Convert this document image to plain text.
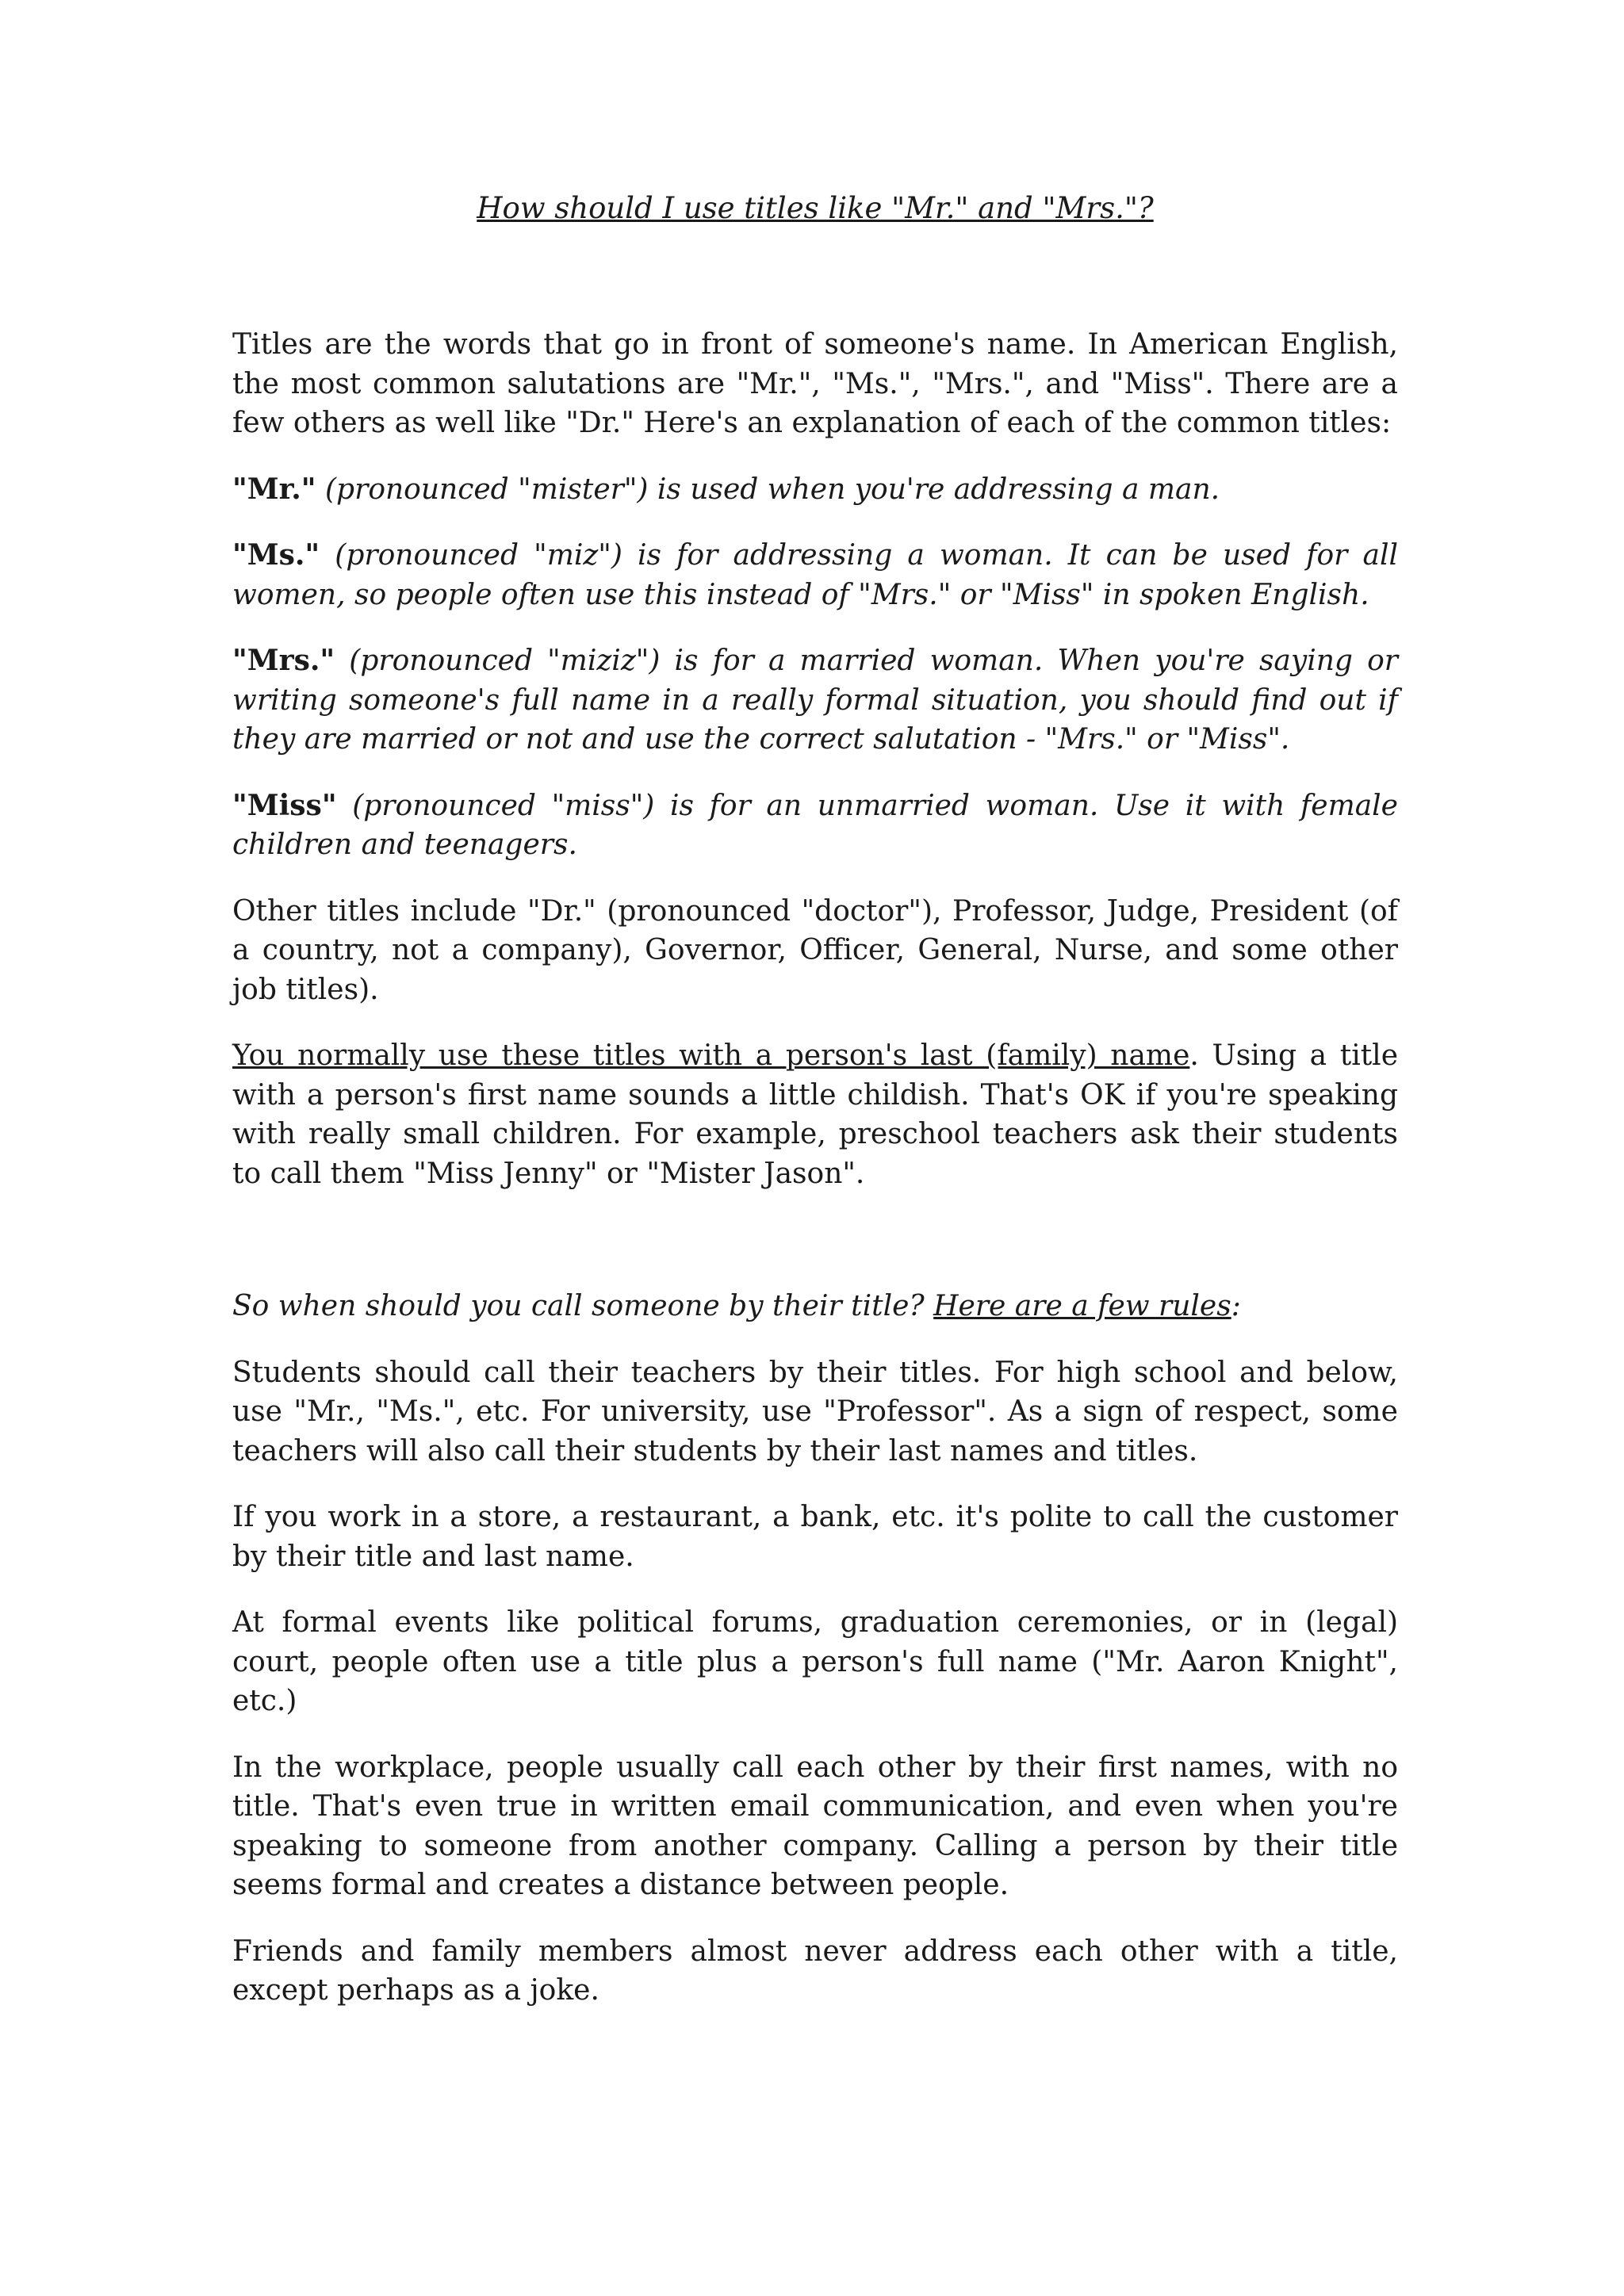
How should I use titles like "Mr." and "Mrs."?

Titles are the words that go in front of someone's name. In American English, the most common salutations are "Mr.", "Ms.", "Mrs.", and "Miss". There are a few others as well like "Dr." Here's an explanation of each of the common titles:

"Mr." (pronounced "mister") is used when you're addressing a man.

"Ms." (pronounced "miz") is for addressing a woman. It can be used for all women, so people often use this instead of "Mrs." or "Miss" in spoken English.

"Mrs." (pronounced "miziz") is for a married woman. When you're saying or writing someone's full name in a really formal situation, you should find out if they are married or not and use the correct salutation - "Mrs." or "Miss".

"Miss" (pronounced "miss") is for an unmarried woman. Use it with female children and teenagers.

Other titles include "Dr." (pronounced "doctor"), Professor, Judge, President (of a country, not a company), Governor, Officer, General, Nurse, and some other job titles).

You normally use these titles with a person's last (family) name. Using a title with a person's first name sounds a little childish. That's OK if you're speaking with really small children. For example, preschool teachers ask their students to call them "Miss Jenny" or "Mister Jason".

So when should you call someone by their title? Here are a few rules:

Students should call their teachers by their titles. For high school and below, use "Mr., "Ms.", etc. For university, use "Professor". As a sign of respect, some teachers will also call their students by their last names and titles.

If you work in a store, a restaurant, a bank, etc. it's polite to call the customer by their title and last name.

At formal events like political forums, graduation ceremonies, or in (legal) court, people often use a title plus a person's full name ("Mr. Aaron Knight", etc.)

In the workplace, people usually call each other by their first names, with no title. That's even true in written email communication, and even when you're speaking to someone from another company. Calling a person by their title seems formal and creates a distance between people.

Friends and family members almost never address each other with a title, except perhaps as a joke.
